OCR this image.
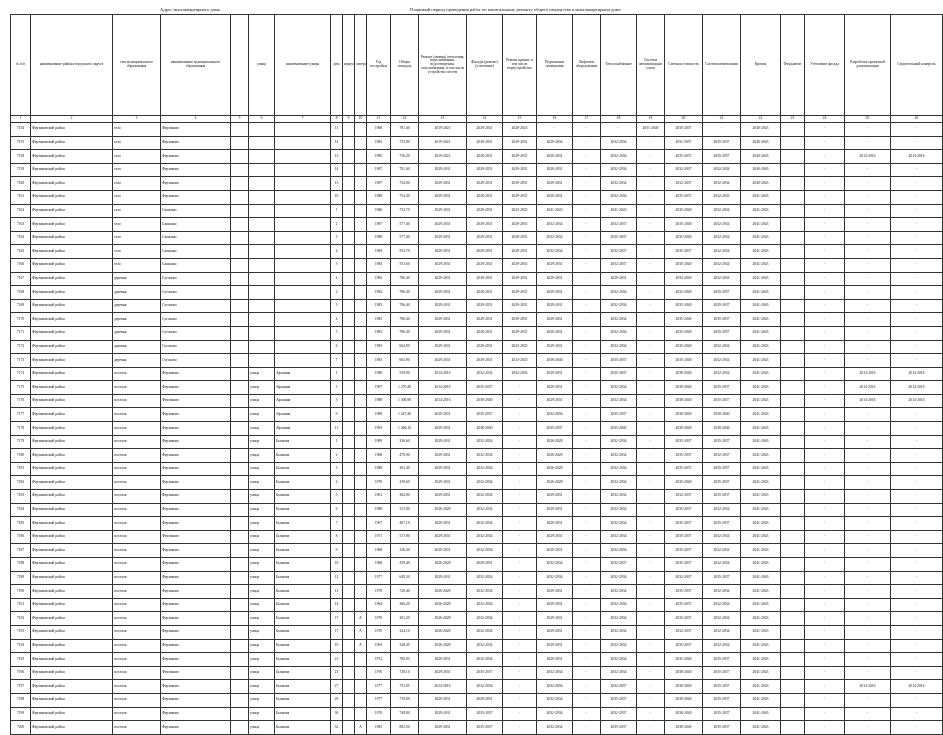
Адрес многоквартирного дома	Плановый период проведения работ по капитальному ремонту общего имущества в многоквартирном доме
№ п/п	наименование района/городского округа	тип муниципального образования	наименование муниципального образования		улица	наименование улицы	дом	корпус	литера	Год постройки	Общая площадь	Ремонт (замена) отопления, водоснабжения, водоотведения, газоснабжения, в том числе устройство систем	Фасады (ремонт) (утепление)	Ремонт крыши, в том числе переустройство	Подвальные помещения	Лифтовое оборудование	Теплоснабжение	Система автоматизации узлов	Сметная стоимость	Система вентиляции	Кровля	Фундамент	Утепление фасада	Разработка проектной документации	Строительный контроль
1	2	3	4	5	6	7	8	9	10	11	12	13	14	15	16	17	18	19	20	21	22	23	24	25	26
7154	Ферзиковский район	село	Ферзиково				11			1968	781,40	2019-2021	2029-2031	2020-2023	-	-	-	2031-2040	2035-2037	-	2040-2043		-	-	-
7155	Ферзиковский район	село	Ферзиково				12			1983	753,90	2019-2021	2029-2031	2029-2031	2029-2034	-	2032-2034	-	2031-2037	2035-2037	2040-2043		-	-	-
7158	Ферзиковский район	село	Ферзиково				13			1985	756,20	2019-2021	2029-2031	2029-2031	2020-2031	-	2032-2034	-	2035-2037	2035-2037	2040-2043		-	2014-2016	2014-2016
7159	Ферзиковский район	село	Ферзиково				14			1987	781,40	2029-2031	2029-2031	2029-2031	2020-2031	-	2032-2034	-	2032-2037	2032-2034	2040-2043		-	-	-
7160	Ферзиковский район	село	Ферзиково				15			1987	754,00	2029-2031	2029-2031	2029-2031	2029-2031	-	2032-2034	-	2032-2037	2032-2034	2040-2043		-	-	-
7161	Ферзиковский район	село	Ферзиково				16			1988	754,40	2029-2031	2029-2031	2029-2031	2020-2031	-	2032-2034	-	2035-2037	2032-2033	2041-2043		-	-	-
7162	Ферзиковский район	село	Сашкино				1			1986	733,70	2029-2031	2029-2031	2023-2025	2041-2043	-	2041-2043	-	2035-2040	2032-2034	2041-2043		-	-	-
7163	Ферзиковский район	село	Сашкино				2			1987	577,40	2029-2031	2029-2031	2029-2031	2032-2034	-	2032-2037	-	2035-2040	2032-2034	2041-2043		-	-	-
7164	Ферзиковский район	село	Сашкино				3			1988	577,40	2029-2031	2029-2031	2029-2031	2032-2034	-	2035-2037	-	2035-2040	2032-2034	2041-2043		-	-	-
7165	Ферзиковский район	село	Сашкино				4			1984	553,70	2029-2031	2029-2031	2029-2031	2032-2034	-	2032-2037	-	2035-2037	2032-2034	2041-2043		-	-	-
7166	Ферзиковский район	село	Сашкино				5			1984	553,60	2029-2031	2029-2031	2029-2031	2029-2031	-	2032-2037	-	2035-2040	2032-2034	2041-2043		-	-	-
7167	Ферзиковский район	деревня	Сугоново				1			1982	786,40	2029-2031	2029-2031	2029-2031	2029-2031	-	2029-2031	-	2032-2040	2032-2034	2041-2043		-	-	-
7168	Ферзиковский район	деревня	Сугоново				2			1982	786,40	2029-2031	2029-2031	2029-2031	2029-2031	-	2032-2034	-	2032-2040	2035-2037	2041-2043		-	-	-
7169	Ферзиковский район	деревня	Сугоново				3			1983	786,40	2029-2031	2029-2031	2029-2031	2029-2031	-	2032-2034	-	2035-2040	2029-2037	2041-2043		-	-	-
7170	Ферзиковский район	деревня	Сугоново				4			1983	786,40	2029-2031	2029-2031	2029-2031	2029-2031	-	2032-2034	-	2035-2040	2035-2037	2041-2043		-	-	-
7171	Ферзиковский район	деревня	Сугоново				5			1983	786,40	2029-2031	2029-2031	2029-2031	2020-2031	-	2032-2034	-	2035-2040	2035-2037	2041-2043		-	-	-
7172	Ферзиковский район	деревня	Сугоново				6			1983	664,90	2029-2031	2029-2031	2023-2025	2029-2031	-	2032-2034	-	2035-2040	2032-2034	2041-2043		-	-	-
7173	Ферзиковский район	деревня	Сугоново				7			1983	664,90	2029-2031	2029-2031	2023-2025	2038-2040	-	2035-2037	-	2035-2040	2032-2034	2041-2043		-	-	-
7174	Ферзиковский район	поселок	Ферзиково		улица	Афонина	1			1980	539,00	2014-2016	2032-2034	2032-2034	2029-2031	-	2035-2037	-	2038-2040	2032-2034	2041-2043		-	2014-2016	2014-2016
7175	Ферзиковский район	поселок	Ферзиково		улица	Афонина	3			1987	1 270,40	2014-2016	2035-2037	-	2029-2031	-	2032-2034	-	2038-2040	2035-2037	2041-2043		-	2014-2016	2014-2016
7176	Ферзиковский район	поселок	Ферзиково		улица	Афонина	5			1988	1 306,90	2014-2016	2038-2040	-	2029-2031	-	2032-2034	-	2038-2040	2035-2037	2041-2043		-	2014-2016	2014-2016
7177	Ферзиковский район	поселок	Ферзиково		улица	Афонина	9			1989	1 247,40	2029-2031	2035-2037	-	2032-2034	-	2035-2037	-	2038-2040	2038-2040	2041-2043		-	-	-
7178	Ферзиковский район	поселок	Ферзиково		улица	Афонина	11			1993	1 266,10	2029-2031	2038-2040	-	2035-2037	-	2035-2040	-	2038-2040	2038-2040	2041-2043		-	-	-
7179	Ферзиковский район	поселок	Ферзиково		улица	Бычкова	1			1989	336,60	2029-2031	2032-2034	-	2026-2028	-	2032-2034	-	2035-2037	2035-2037	2041-2043		-	-	-
7180	Ферзиковский район	поселок	Ферзиково		улица	Бычкова	2			1968	470,90	2029-2031	2032-2034	-	2026-2028	-	2032-2034	-	2035-2037	2032-2037	2041-2043		-	-	-
7181	Ферзиковский район	поселок	Ферзиково		улица	Бычкова	3			1988	363,40	2029-2031	2032-2034	-	2026-2028	-	2032-2034	-	2035-2037	2035-2037	2041-2043		-	-	-
7182	Ферзиковский район	поселок	Ферзиково		улица	Бычкова	4			1970	439,60	2029-2031	2032-2034	-	2026-2028	-	2032-2034	-	2035-2040	2035-2037	2041-2043		-	-	-
7183	Ферзиковский район	поселок	Ферзиково		улица	Бычкова	5			1961	364,00	2029-2031	2032-2034	-	2029-2031	-	2032-2034	-	2032-2037	2035-2037	2041-2043		-	-	-
7184	Ферзиковский район	поселок	Ферзиково		улица	Бычкова	6			1988	313,90	2026-2028	2032-2034	-	2029-2031	-	2032-2034	-	2035-2037	2032-2034	2041-2043		-	-	-
7185	Ферзиковский район	поселок	Ферзиково		улица	Бычкова	7			1967	407,10	2029-2031	2032-2034	-	2029-2031	-	2032-2034	-	2035-2037	2035-2037	2041-2043		-	-	-
7186	Ферзиковский район	поселок	Ферзиково		улица	Бычкова	8			1971	517,00	2029-2031	2032-2034	-	2029-2031	-	2032-2034	-	2035-2037	2032-2034	2041-2043		-	-	-
7187	Ферзиковский район	поселок	Ферзиково		улица	Бычкова	9			1968	326,30	2029-2031	2032-2034	-	2029-2031	-	2032-2034	-	2035-2037	2032-2034	2041-2043		-	-	-
7188	Ферзиковский район	поселок	Ферзиково		улица	Бычкова	10			1968	439,40	2026-2028	2029-2031	-	2032-2034	-	2032-2037	-	2035-2037	2032-2034	2041-2043		-	-	-
7189	Ферзиковский район	поселок	Ферзиково		улица	Бычкова	12			1977	649,20	2029-2031	2032-2034	-	2032-2034	-	2032-2034	-	2032-2037	2035-2037	2041-2043		-	-	-
7190	Ферзиковский район	поселок	Ферзиково		улица	Бычкова	13			1978	720,40	2026-2028	2032-2034	-	2029-2031	-	2032-2034	-	2035-2037	2032-2034	2041-2043		-	-	-
7191	Ферзиковский район	поселок	Ферзиково		улица	Бычкова	14			1964	366,20	2026-2028	2032-2034	-	2029-2031	-	2032-2034	-	2035-2037	2032-2034	2041-2043		-	-	-
7192	Ферзиковский район	поселок	Ферзиково		улица	Бычкова	17		А	1970	301,20	2026-2028	2032-2034	-	2029-2031	-	2032-2034	-	2035-2037	2032-2034	2041-2043		-	-	-
7193	Ферзиковский район	поселок	Ферзиково		улица	Бычкова	17		А	1970	324,10	2026-2028	2032-2034	-	2029-2031	-	2032-2034	-	2032-2037	2032-2034	2041-2043		-	-	-
7194	Ферзиковский район	поселок	Ферзиково		улица	Бычкова	19		А	1963	328,45	2026-2028	2032-2034	-	2029-2031	-	2032-2034	-	2035-2037	2032-2034	2041-2043		-	-	-
7195	Ферзиковский район	поселок	Ферзиково		улица	Бычкова	21			1972	780,03	2029-2031	2032-2034	-	2029-2031	-	2032-2034	-	2035-2040	2035-2037	2041-2043		-	-	-
7196	Ферзиковский район	поселок	Ферзиково		улица	Бычкова	23			1976	728,10	2029-2031	2035-2037	-	2032-2034	-	2032-2034	-	2038-2040	2035-2037	2041-2043		-	-	-
7197	Ферзиковский район	поселок	Ферзиково		улица	Бычкова	27			1977	753,05	2014-2016	2032-2034	-	2032-2034	-	2032-2037	-	2038-2040	2035-2037	2041-2043		-	2014-2016	2014-2016
7198	Ферзиковский район	поселок	Ферзиково		улица	Бычкова	29			1977	719,00	2029-2031	2029-2031	-	2032-2034	-	2035-2037	-	2038-2040	2035-2037	2041-2043		-	-	-
7199	Ферзиковский район	поселок	Ферзиково		улица	Бычкова	30			1976	749,80	2029-2031	2035-2037	-	2032-2034	-	2032-2037	-	2038-2040	2035-2037	2041-2043		-	-	-
7200	Ферзиковский район	поселок	Ферзиково		улица	Бычкова	32		А	1983	882,50	2029-2031	2035-2037	-	2032-2034	-	2035-2037	-	2038-2040	2035-2037	2041-2043		-	-	-
